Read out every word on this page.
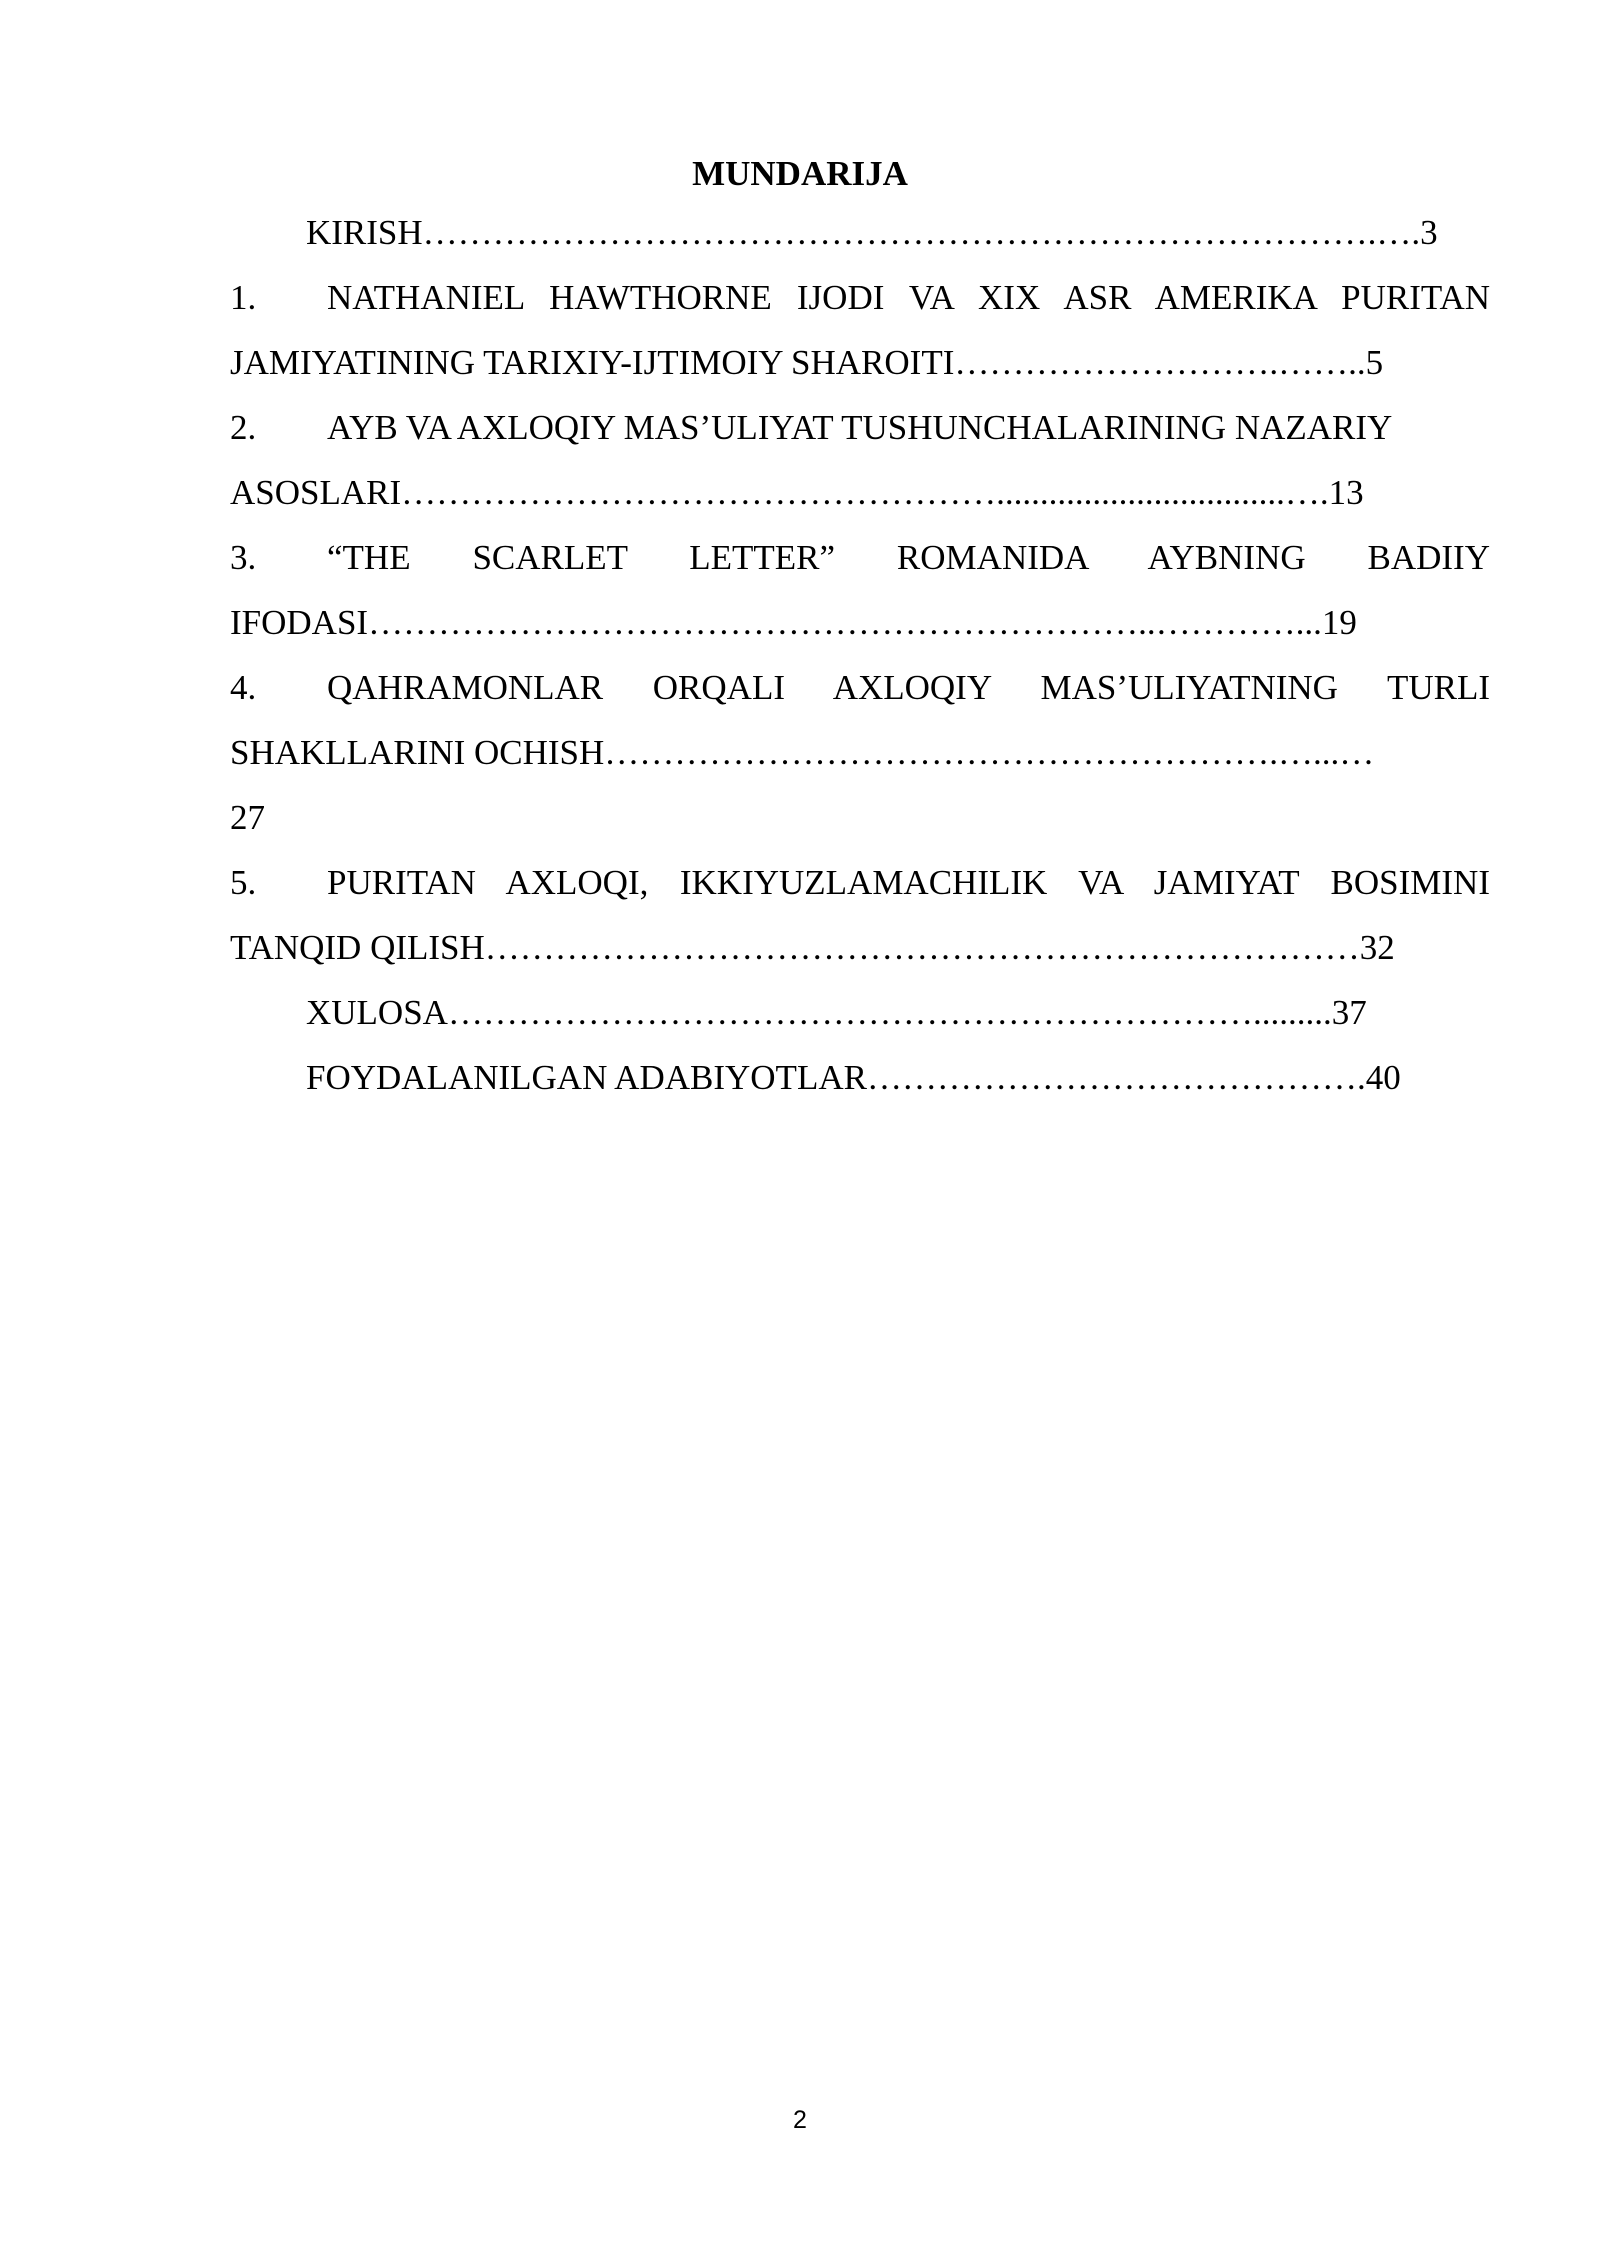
MUNDARIJA
KIRISH……………………………………………………………………….….3
1. NATHANIEL HAWTHORNE IJODI VA XIX ASR AMERIKA PURITAN
JAMIYATINING TARIXIY-IJTIMOIY SHAROITI……………………….……..5
2. AYB VA AXLOQIY MAS’ULIYAT TUSHUNCHALARINING NAZARIY
ASOSLARI…………………………………………….................................….13
3. “THE SCARLET LETTER” ROMANIDA AYBNING BADIIY
IFODASI…………………………………………………………..…………...19
4. QAHRAMONLAR ORQALI AXLOQIY MAS’ULIYATNING TURLI
SHAKLLARINI OCHISH………………………………………………….…...…
27
5. PURITAN AXLOQI, IKKIYUZLAMACHILIK VA JAMIYAT BOSIMINI
TANQID QILISH…………………………………………………………………32
XULOSA…………………………………………………………….........37
FOYDALANILGAN ADABIYOTLAR…………………………………….40
2
